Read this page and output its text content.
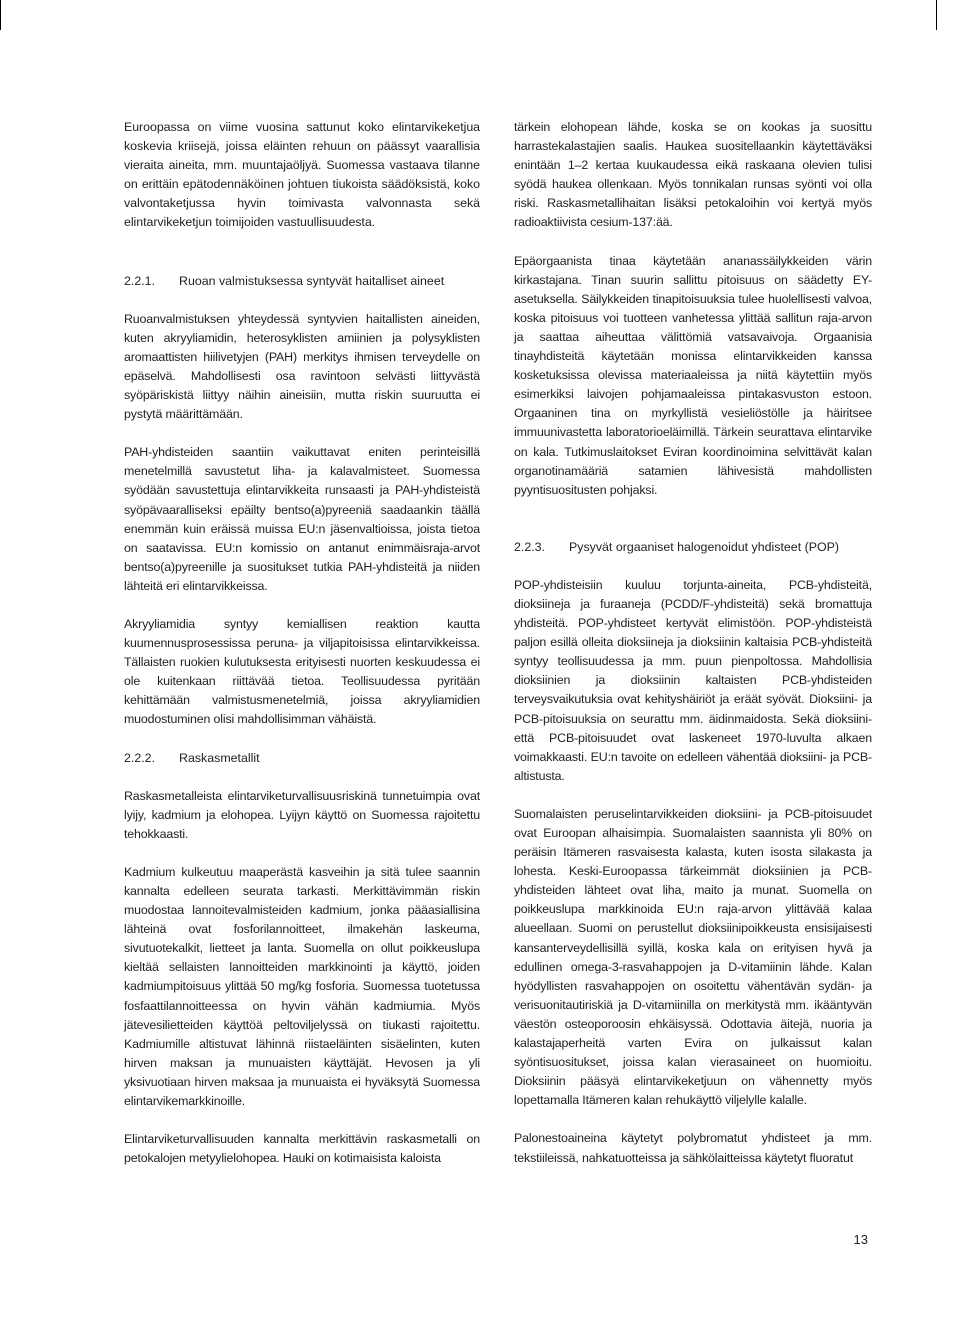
Euroopassa on viime vuosina sattunut koko elintarvikeketjua koskevia kriisejä, joissa eläinten rehuun on päässyt vaarallisia vieraita aineita, mm. muuntajaöljyä. Suomessa vastaava tilanne on erittäin epätodennäköinen johtuen tiukoista säädöksistä, koko valvontaketjussa hyvin toimivasta valvonnasta sekä elintarvikeketjun toimijoiden vastuullisuudesta.

2.2.1.	Ruoan valmistuksessa syntyvät haitalliset aineet

Ruoanvalmistuksen yhteydessä syntyvien haitallisten aineiden, kuten akryyliamidin, heterosyklisten amiinien ja polysyklisten aromaattisten hiilivetyjen (PAH) merkitys ihmisen terveydelle on epäselvä. Mahdollisesti osa ravintoon selvästi liittyvästä syöpäriskistä liittyy näihin aineisiin, mutta riskin suuruutta ei pystytä määrittämään.

PAH-yhdisteiden saantiin vaikuttavat eniten perinteisillä menetelmillä savustetut liha- ja kalavalmisteet. Suomessa syödään savustettuja elintarvikkeita runsaasti ja PAH-yhdisteistä syöpävaaralliseksi epäilty bentso(a)pyreeniä saadaankin täällä enemmän kuin eräissä muissa EU:n jäsenvaltioissa, joista tietoa on saatavissa. EU:n komissio on antanut enimmäisraja-arvot bentso(a)pyreenille ja suositukset tutkia PAH-yhdisteitä ja niiden lähteitä eri elintarvikkeissa.

Akryyliamidia syntyy kemiallisen reaktion kautta kuumennusprosessissa peruna- ja viljapitoisissa elintarvikkeissa. Tällaisten ruokien kulutuksesta erityisesti nuorten keskuudessa ei ole kuitenkaan riittävää tietoa. Teollisuudessa pyritään kehittämään valmistusmenetelmiä, joissa akryyliamidien muodostuminen olisi mahdollisimman vähäistä.

2.2.2.	Raskasmetallit

Raskasmetalleista elintarviketurvallisuusriskinä tunnetuimpia ovat lyijy, kadmium ja elohopea. Lyijyn käyttö on Suomessa rajoitettu tehokkaasti.

Kadmium kulkeutuu maaperästä kasveihin ja sitä tulee saannin kannalta edelleen seurata tarkasti. Merkittävimmän riskin muodostaa lannoitevalmisteiden kadmium, jonka pääasiallisina lähteinä ovat fosforilannoitteet, ilmakehän laskeuma, sivutuotekalkit, lietteet ja lanta. Suomella on ollut poikkeuslupa kieltää sellaisten lannoitteiden markkinointi ja käyttö, joiden kadmiumpitoisuus ylittää 50 mg/kg fosforia. Suomessa tuotetussa fosfaattilannoitteessa on hyvin vähän kadmiumia. Myös jätevesilietteiden käyttöä peltoviljelyssä on tiukasti rajoitettu. Kadmiumille altistuvat lähinnä riistaeläinten sisäelinten, kuten hirven maksan ja munuaisten käyttäjät. Hevosen ja yli yksivuotiaan hirven maksaa ja munuaista ei hyväksytä Suomessa elintarvikemarkkinoille.

Elintarviketurvallisuuden kannalta merkittävin raskasmetalli on petokalojen metyylielohopea. Hauki on kotimaisista kaloista

tärkein elohopean lähde, koska se on kookas ja suosittu harrastekalastajien saalis. Haukea suositellaankin käytettäväksi enintään 1–2 kertaa kuukaudessa eikä raskaana olevien tulisi syödä haukea ollenkaan. Myös tonnikalan runsas syönti voi olla riski. Raskasmetallihaitan lisäksi petokaloihin voi kertyä myös radioaktiivista cesium-137:ää.

Epäorgaanista tinaa käytetään ananassäilykkeiden värin kirkastajana. Tinan suurin sallittu pitoisuus on säädetty EY-asetuksella. Säilykkeiden tinapitoisuuksia tulee huolellisesti valvoa, koska pitoisuus voi tuotteen vanhetessa ylittää sallitun raja-arvon ja saattaa aiheuttaa välittömiä vatsavaivoja. Orgaanisia tinayhdisteitä käytetään monissa elintarvikkeiden kanssa kosketuksissa olevissa materiaaleissa ja niitä käytettiin myös esimerkiksi laivojen pohjamaaleissa pintakasvuston estoon. Orgaaninen tina on myrkyllistä vesieliöstölle ja häiritsee immuunivastetta laboratorioeläimillä. Tärkein seurattava elintarvike on kala. Tutkimuslaitokset Eviran koordinoimina selvittävät kalan organotinamääriä satamien lähivesistä mahdollisten pyyntisuositusten pohjaksi.

2.2.3.	Pysyvät orgaaniset halogenoidut yhdisteet (POP)

POP-yhdisteisiin kuuluu torjunta-aineita, PCB-yhdisteitä, dioksiineja ja furaaneja (PCDD/F-yhdisteitä) sekä bromattuja yhdisteitä. POP-yhdisteet kertyvät elimistöön. POP-yhdisteistä paljon esillä olleita dioksiineja ja dioksiinin kaltaisia PCB-yhdisteitä syntyy teollisuudessa ja mm. puun pienpoltossa. Mahdollisia dioksiinien ja dioksiinin kaltaisten PCB-yhdisteiden terveysvaikutuksia ovat kehityshäiriöt ja eräät syövät. Dioksiini- ja PCB-pitoisuuksia on seurattu mm. äidinmaidosta. Sekä dioksiini- että PCB-pitoisuudet ovat laskeneet 1970-luvulta alkaen voimakkaasti. EU:n tavoite on edelleen vähentää dioksiini- ja PCB-altistusta.

Suomalaisten peruselintarvikkeiden dioksiini- ja PCB-pitoisuudet ovat Euroopan alhaisimpia. Suomalaisten saannista yli 80% on peräisin Itämeren rasvaisesta kalasta, kuten isosta silakasta ja lohesta. Keski-Euroopassa tärkeimmät dioksiinien ja PCB-yhdisteiden lähteet ovat liha, maito ja munat. Suomella on poikkeuslupa markkinoida EU:n raja-arvon ylittävää kalaa alueellaan. Suomi on perustellut dioksiinipoikkeusta ensisijaisesti kansanterveydellisillä syillä, koska kala on erityisen hyvä ja edullinen omega-3-rasvahappojen ja D-vitamiinin lähde. Kalan hyödyllisten rasvahappojen on osoitettu vähentävän sydän- ja verisuonitautiriskiä ja D-vitamiinilla on merkitystä mm. ikääntyvän väestön osteoporoosin ehkäisyssä. Odottavia äitejä, nuoria ja kalastajaperheitä varten Evira on julkaissut kalan syöntisuositukset, joissa kalan vierasaineet on huomioitu. Dioksiinin pääsyä elintarvikeketjuun on vähennetty myös lopettamalla Itämeren kalan rehukäyttö viljelylle kalalle.

Palonestoaineina käytetyt polybromatut yhdisteet ja mm. tekstiileissä, nahkatuotteissa ja sähkölaitteissa käytetyt fluoratut

13
